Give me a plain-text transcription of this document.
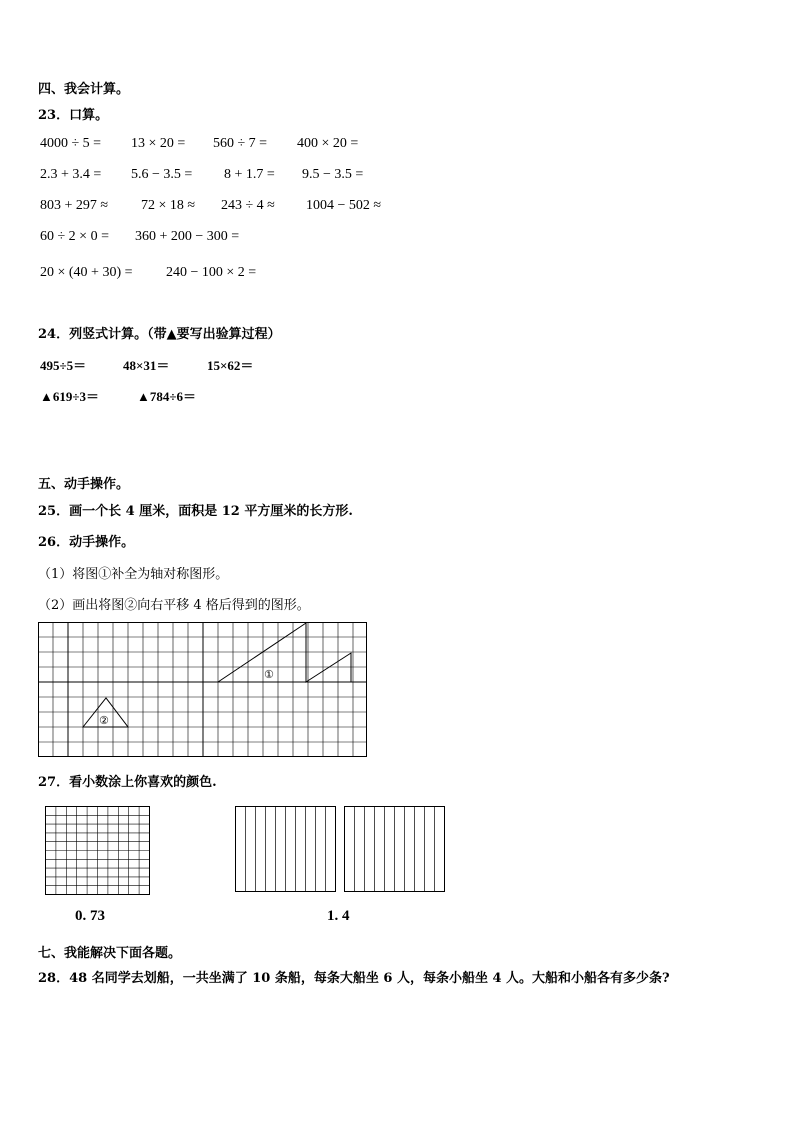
四、我会计算。
23．口算。
4000 ÷ 5 = 13 × 20 = 560 ÷ 7 = 400 × 20 =
2.3 + 3.4 = 5.6 − 3.5 = 8 + 1.7 = 9.5 − 3.5 =
803 + 297 ≈ 72 × 18 ≈ 243 ÷ 4 ≈ 1004 − 502 ≈
60 ÷ 2 × 0 = 360 + 200 − 300 =
20 × (40 + 30) = 240 − 100 × 2 =
24．列竖式计算。（带▲要写出验算过程）
495÷5＝	48×31＝	15×62＝
▲619÷3＝	▲784÷6＝
五、动手操作。
25．画一个长 4 厘米，面积是 12 平方厘米的长方形.
26．动手操作。
（1）将图①补全为轴对称图形。
（2）画出将图②向右平移 4 格后得到的图形。
①
②
27．看小数涂上你喜欢的颜色.
0. 73	1. 4
七、我能解决下面各题。
28．48 名同学去划船，一共坐满了 10 条船，每条大船坐 6 人，每条小船坐 4 人。大船和小船各有多少条?
